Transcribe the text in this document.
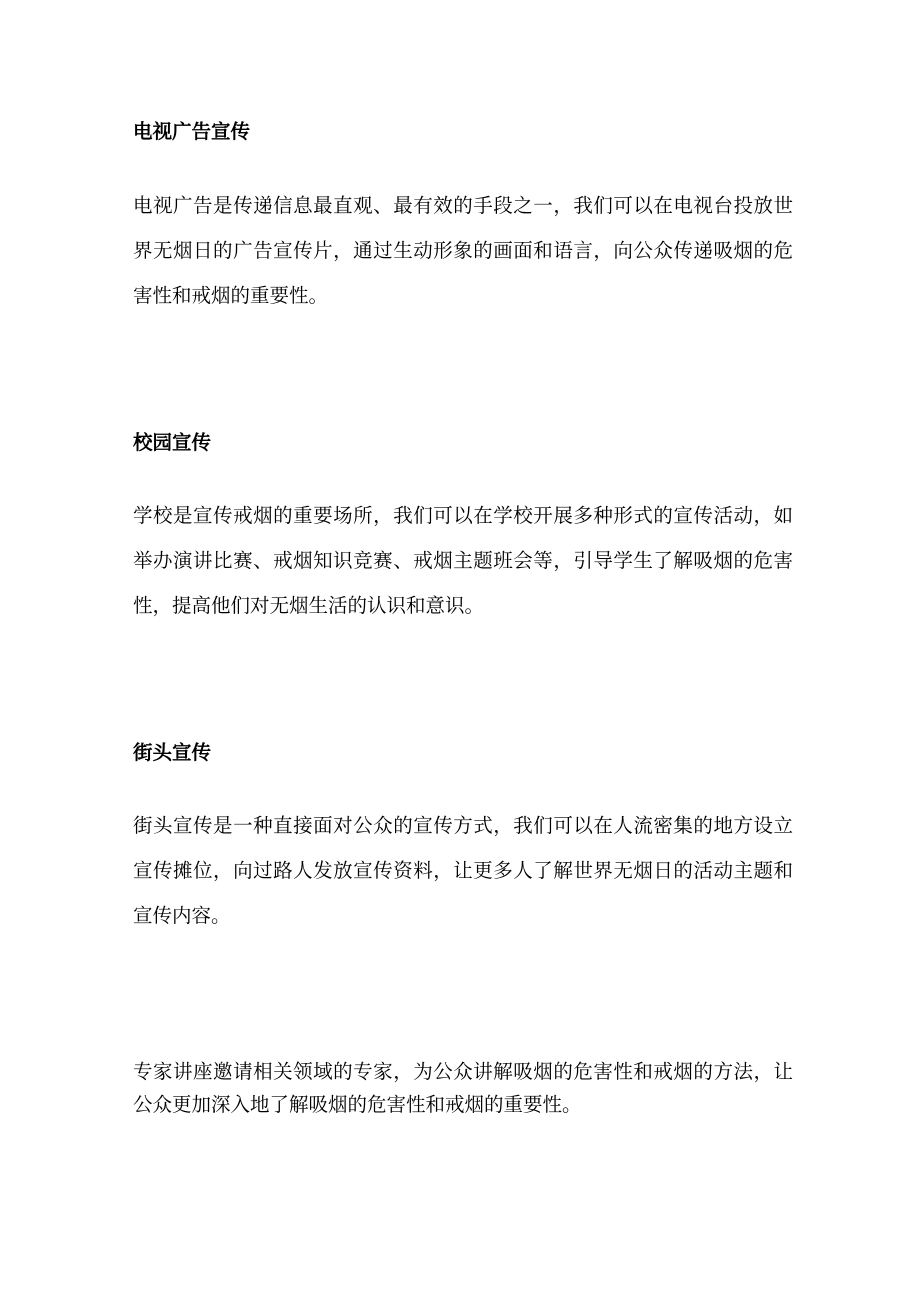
电视广告宣传

电视广告是传递信息最直观、最有效的手段之一，我们可以在电视台投放世界无烟日的广告宣传片，通过生动形象的画面和语言，向公众传递吸烟的危害性和戒烟的重要性。

校园宣传

学校是宣传戒烟的重要场所，我们可以在学校开展多种形式的宣传活动，如举办演讲比赛、戒烟知识竞赛、戒烟主题班会等，引导学生了解吸烟的危害性，提高他们对无烟生活的认识和意识。

街头宣传

街头宣传是一种直接面对公众的宣传方式，我们可以在人流密集的地方设立宣传摊位，向过路人发放宣传资料，让更多人了解世界无烟日的活动主题和宣传内容。

专家讲座邀请相关领域的专家，为公众讲解吸烟的危害性和戒烟的方法，让公众更加深入地了解吸烟的危害性和戒烟的重要性。
